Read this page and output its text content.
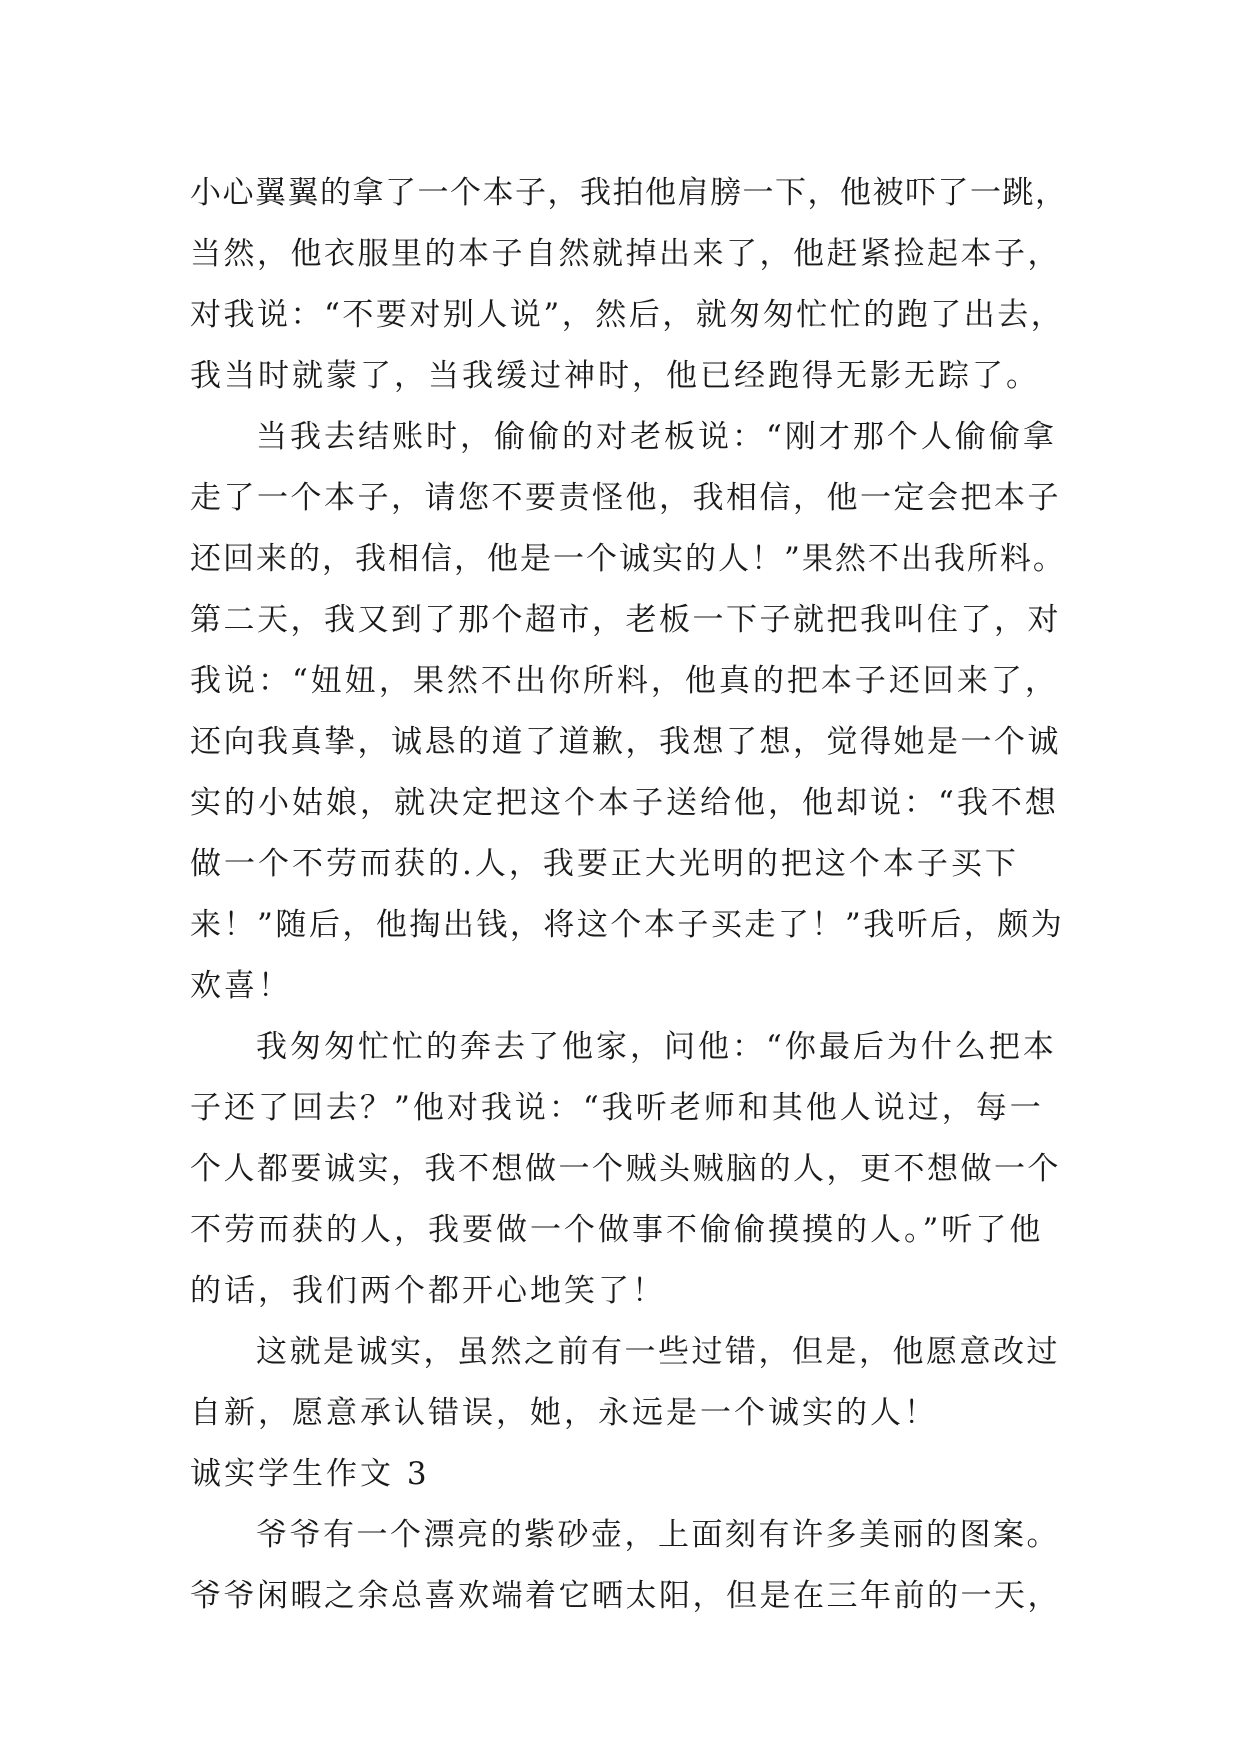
小心翼翼的拿了一个本子，我拍他肩膀一下，他被吓了一跳，
当然，他衣服里的本子自然就掉出来了，他赶紧捡起本子，
对我说：“不要对别人说”，然后，就匆匆忙忙的跑了出去，
我当时就蒙了，当我缓过神时，他已经跑得无影无踪了。
当我去结账时，偷偷的对老板说：“刚才那个人偷偷拿
走了一个本子，请您不要责怪他，我相信，他一定会把本子
还回来的，我相信，他是一个诚实的人！”果然不出我所料。
第二天，我又到了那个超市，老板一下子就把我叫住了，对
我说：“妞妞，果然不出你所料，他真的把本子还回来了，
还向我真挚，诚恳的道了道歉，我想了想，觉得她是一个诚
实的小姑娘，就决定把这个本子送给他，他却说：“我不想
做一个不劳而获的.人，我要正大光明的把这个本子买下
来！”随后，他掏出钱，将这个本子买走了！”我听后，颇为
欢喜！
我匆匆忙忙的奔去了他家，问他：“你最后为什么把本
子还了回去？”他对我说：“我听老师和其他人说过，每一
个人都要诚实，我不想做一个贼头贼脑的人，更不想做一个
不劳而获的人，我要做一个做事不偷偷摸摸的人。”听了他
的话，我们两个都开心地笑了！
这就是诚实，虽然之前有一些过错，但是，他愿意改过
自新，愿意承认错误，她，永远是一个诚实的人！
诚实学生作文 3
爷爷有一个漂亮的紫砂壶，上面刻有许多美丽的图案。
爷爷闲暇之余总喜欢端着它晒太阳，但是在三年前的一天，
